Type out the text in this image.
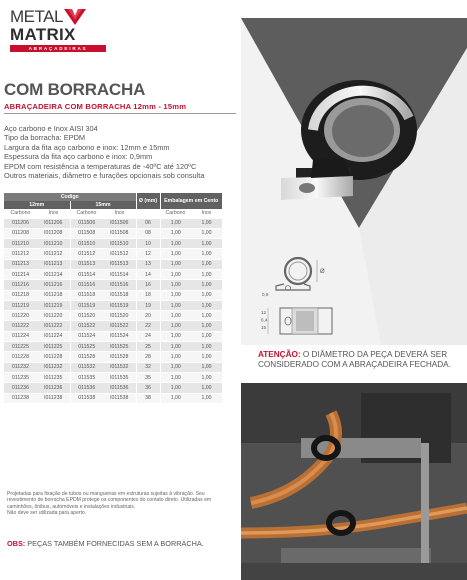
METAL
MATRIX
ABRAÇADEIRAS
COM BORRACHA
ABRAÇADEIRA COM BORRACHA 12mm - 15mm
Aço carbono e Inox AISI 304
Tipo da borracha: EPDM
Largura da fita aço carbono e inox: 12mm e 15mm
Espessura da fita aço carbono e inox: 0,9mm
EPDM com resistência a temperaturas de -40ºC até 120ºC
Outros materiais, diâmetro e furações opcionais sob consulta
Codigo				Ø (mm)	Embalagem em Cento	
12mm		15mm				
Carbono	Inox	Carbono	Inox		Carbono	Inox
011206	I011206	011506	I011506	06	1,00	1,00
011208	I011208	011508	I011508	08	1,00	1,00
011210	I011210	011510	I011510	10	1,00	1,00
011212	I011212	011512	I011512	12	1,00	1,00
011213	I011213	011513	I011513	13	1,00	1,00
011214	I011214	011514	I011514	14	1,00	1,00
011216	I011216	011516	I011516	16	1,00	1,00
011218	I011218	011518	I011518	18	1,00	1,00
011219	I011219	011519	I011519	19	1,00	1,00
011220	I011220	011520	I011520	20	1,00	1,00
011222	I011222	011522	I011522	22	1,00	1,00
011224	I011224	011524	I011524	24	1,00	1,00
011225	I011225	011525	I011525	25	1,00	1,00
011228	I011228	011528	I011528	28	1,00	1,00
011232	I011232	011532	I011532	32	1,00	1,00
011235	I011235	011535	I011535	35	1,00	1,00
011236	I011236	011536	I011536	36	1,00	1,00
011238	I011238	011538	I011538	38	1,00	1,00
Ø
0,9
12
15
6,4

ATENÇÃO: O DIÂMETRO DA PEÇA DEVERÁ SER CONSIDERADO COM A ABRAÇADEIRA FECHADA.

Projetadas para fixação de tubos ou mangueiras em estruturas sujeitas à vibração. Seu

revestimento de borracha EPDM protege os componentes do contato direto. Utilizadas em

caminhões, ônibus, automóveis e instalações industriais.

Não deve ser utilizada para aperto.

OBS: PEÇAS TAMBÉM FORNECIDAS SEM A BORRACHA.
